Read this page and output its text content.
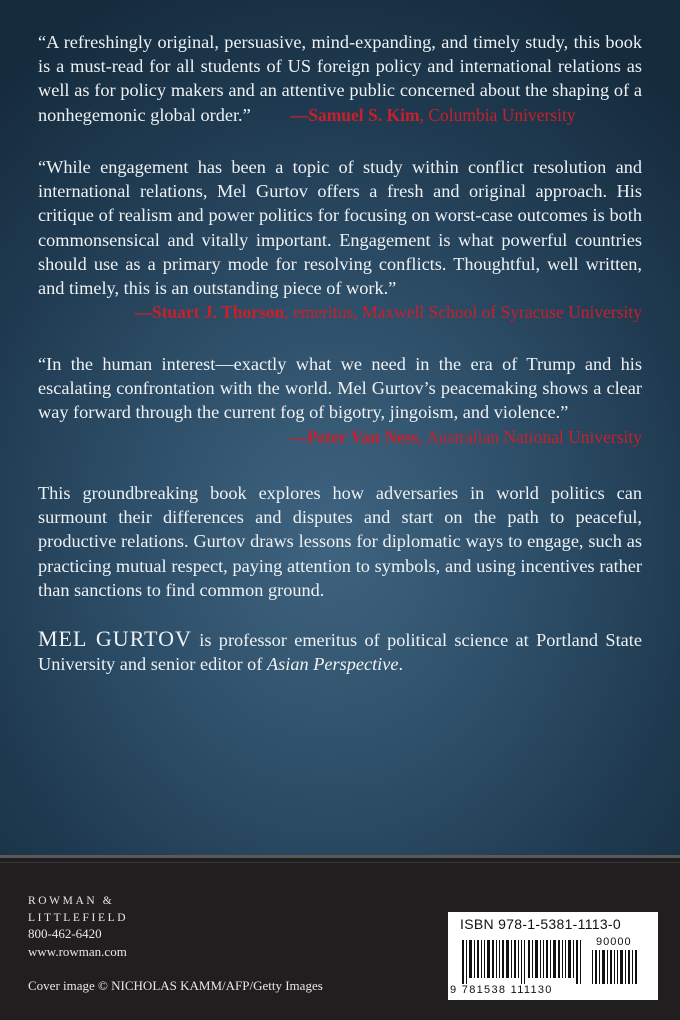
“A refreshingly original, persuasive, mind-expanding, and timely study, this book is a must-read for all students of US foreign policy and international relations as well as for policy makers and an attentive public concerned about the shaping of a nonhegemonic global order.” —Samuel S. Kim, Columbia University
“While engagement has been a topic of study within conflict resolution and international relations, Mel Gurtov offers a fresh and original approach. His critique of realism and power politics for focusing on worst-case outcomes is both commonsensical and vitally important. Engagement is what powerful countries should use as a primary mode for resolving conflicts. Thoughtful, well written, and timely, this is an outstanding piece of work.”
—Stuart J. Thorson, emeritus, Maxwell School of Syracuse University
“In the human interest—exactly what we need in the era of Trump and his escalating confrontation with the world. Mel Gurtov’s peacemaking shows a clear way forward through the current fog of bigotry, jingoism, and violence.”
—Peter Van Ness, Australian National University
This groundbreaking book explores how adversaries in world politics can surmount their differences and disputes and start on the path to peaceful, productive relations. Gurtov draws lessons for diplomatic ways to engage, such as practicing mutual respect, paying attention to symbols, and using incentives rather than sanctions to find common ground.
MEL GURTOV is professor emeritus of political science at Portland State University and senior editor of Asian Perspective.
ROWMAN &
LITTLEFIELD
800-462-6420
www.rowman.com
Cover image © NICHOLAS KAMM/AFP/Getty Images
ISBN 978-1-5381-1113-0
90000
9 781538 111130
